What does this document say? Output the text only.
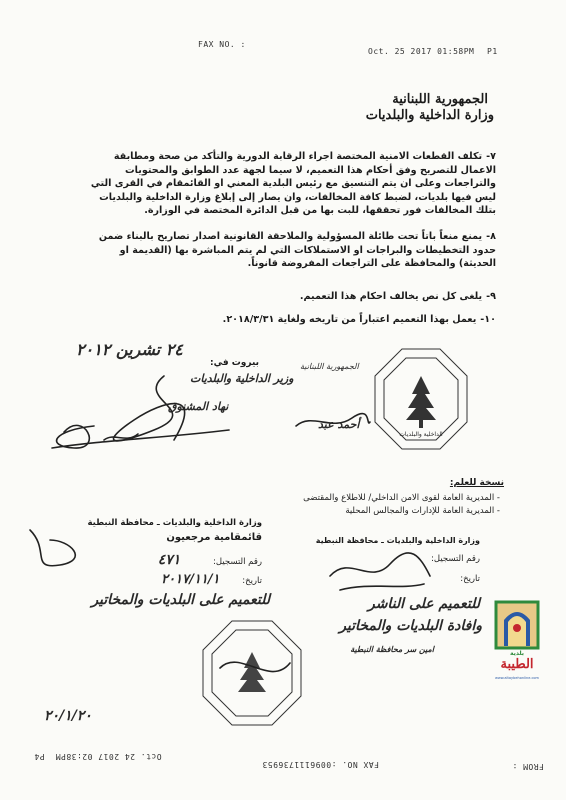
FAX NO. :
Oct. 25 2017 01:58PM P1
الجمهورية اللبنانية
وزارة الداخلية والبلديات
٧-تكلف القطعات الامنية المختصة اجراء الرقابة الدورية والتأكد من صحة ومطابقة
الاعمال للتصريح وفق أحكام هذا التعميم، لا سيما لجهة عدد الطوابق والمحتويات
والتراجعات وعلى ان يتم التنسيق مع رئيس البلدية المعني او القائمقام في القرى التي
ليس فيها بلديات، لضبط كافة المخالفات، وان يصار إلى إبلاغ وزارة الداخلية والبلديات
بتلك المخالفات فور تحققها، للبت بها من قبل الدائرة المختصة في الوزارة.
٨-يمنع منعاً باتاً تحت طائلة المسؤولية والملاحقة القانونية اصدار تصاريح بالبناء ضمن
حدود التخطيطات والبراجات او الاستملاكات التي لم يتم المباشرة بها (القديمة او
الحديثة) والمحافظة على التراجعات المفروضة قانوناً.
٩-يلغى كل نص يخالف احكام هذا التعميم.
١٠-يعمل بهذا التعميم اعتباراً من تاريخه ولغاية ٢٠١٨/٣/٣١.
٢٤ تشرين ٢٠١٢
بيروت في:
وزير الداخلية والبلديات
نهاد المشنوق
الداخلية والبلديات
الجمهورية اللبنانية
أحمد عبد
نسخة للعلم:
- المديرية العامة لقوى الامن الداخلي/ للاطلاع والمقتضى
- المديرية العامة للإدارات والمجالس المحلية
وزارة الداخلية والبلديات ـ محافظة النبطية
قائمقامية مرجعيون
رقم التسجيل: ٤٧١
تاريخ: ٢٠١٧/١١/١
للتعميم على البلديات والمخاتير
وزارة الداخلية والبلديات ـ محافظة النبطية
رقم التسجيل:
تاريخ:
للتعميم على الناشر
وافادة البلديات والمخاتير
امين سر محافظة النبطية
٢٠/١/٢٠
بلدية
الطيبة
www.altaybehonline.com
Oct. 24 2017 02:38PM  P4
FAX NO. :0096111736953	FROM :
